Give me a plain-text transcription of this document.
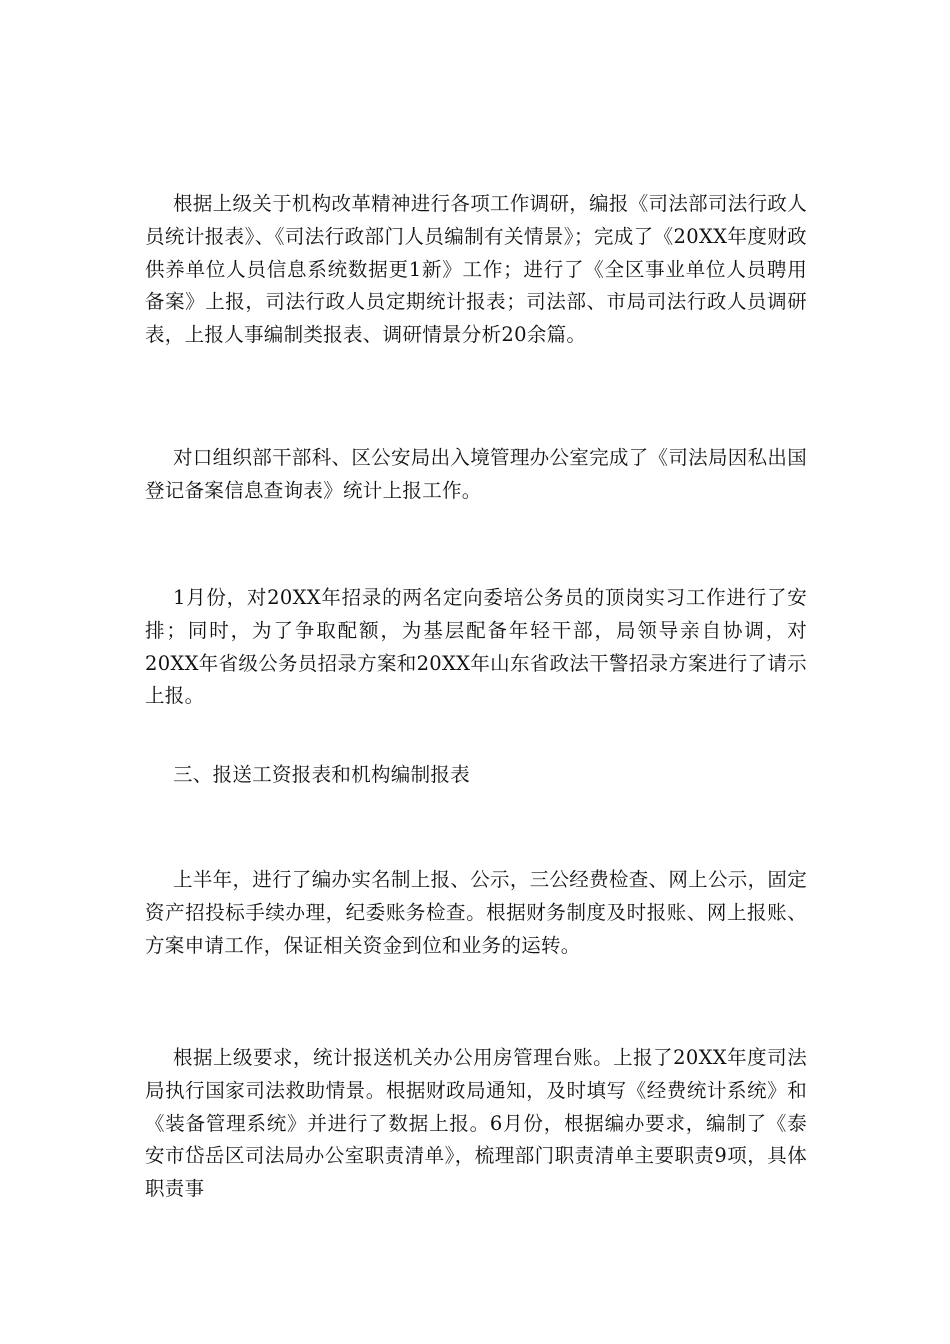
根据上级关于机构改革精神进行各项工作调研，编报《司法部司法行政人员统计报表》、《司法行政部门人员编制有关情景》；完成了《20XX年度财政供养单位人员信息系统数据更1新》工作；进行了《全区事业单位人员聘用备案》上报，司法行政人员定期统计报表；司法部、市局司法行政人员调研表，上报人事编制类报表、调研情景分析20余篇。

对口组织部干部科、区公安局出入境管理办公室完成了《司法局因私出国登记备案信息查询表》统计上报工作。

1月份，对20XX年招录的两名定向委培公务员的顶岗实习工作进行了安排；同时，为了争取配额，为基层配备年轻干部，局领导亲自协调，对20XX年省级公务员招录方案和20XX年山东省政法干警招录方案进行了请示上报。

三、报送工资报表和机构编制报表

上半年，进行了编办实名制上报、公示，三公经费检查、网上公示，固定资产招投标手续办理，纪委账务检查。根据财务制度及时报账、网上报账、方案申请工作，保证相关资金到位和业务的运转。

根据上级要求，统计报送机关办公用房管理台账。上报了20XX年度司法局执行国家司法救助情景。根据财政局通知，及时填写《经费统计系统》和《装备管理系统》并进行了数据上报。6月份，根据编办要求，编制了《泰安市岱岳区司法局办公室职责清单》，梳理部门职责清单主要职责9项，具体职责事
